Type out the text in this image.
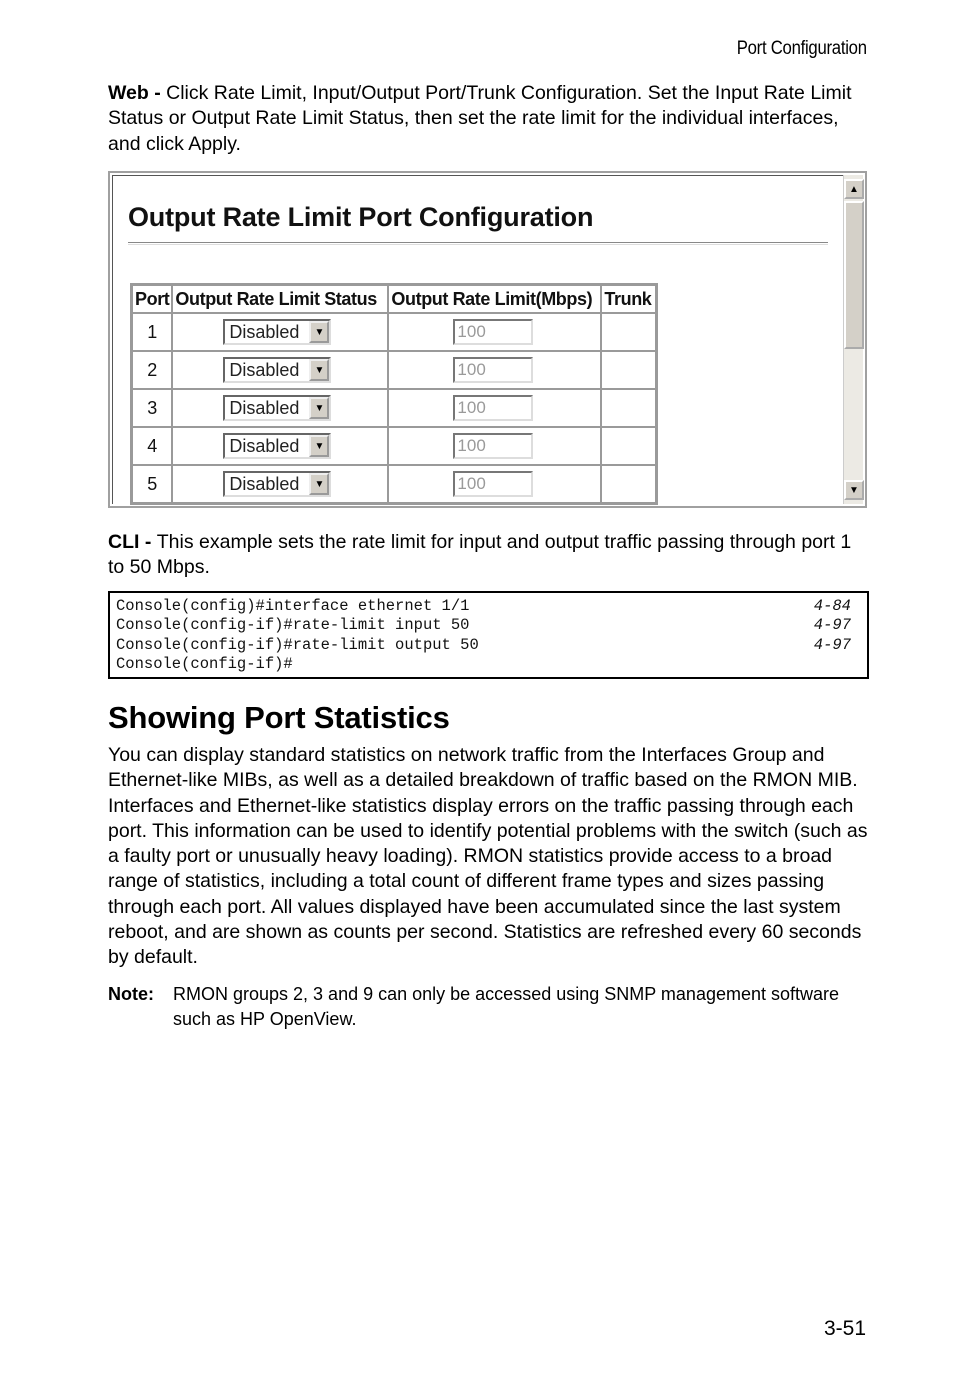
Port Configuration

Web - Click Rate Limit, Input/Output Port/Trunk Configuration. Set the Input Rate Limit Status or Output Rate Limit Status, then set the rate limit for the individual interfaces, and click Apply.

Output Rate Limit Port Configuration
Port	Output Rate Limit Status	Output Rate Limit(Mbps)	Trunk
1	Disabled ▼	100	
2	Disabled ▼	100	
3	Disabled ▼	100	
4	Disabled ▼	100	
5	Disabled ▼	100	
▲
▼

CLI - This example sets the rate limit for input and output traffic passing through port 1 to 50 Mbps.

Console(config)#interface ethernet 1/1	4-84
Console(config-if)#rate-limit input 50	4-97
Console(config-if)#rate-limit output 50	4-97
Console(config-if)#
Showing Port Statistics

You can display standard statistics on network traffic from the Interfaces Group and Ethernet-like MIBs, as well as a detailed breakdown of traffic based on the RMON MIB. Interfaces and Ethernet-like statistics display errors on the traffic passing through each port. This information can be used to identify potential problems with the switch (such as a faulty port or unusually heavy loading). RMON statistics provide access to a broad range of statistics, including a total count of different frame types and sizes passing through each port. All values displayed have been accumulated since the last system reboot, and are shown as counts per second. Statistics are refreshed every 60 seconds by default.

Note: RMON groups 2, 3 and 9 can only be accessed using SNMP management software such as HP OpenView.
3-51
